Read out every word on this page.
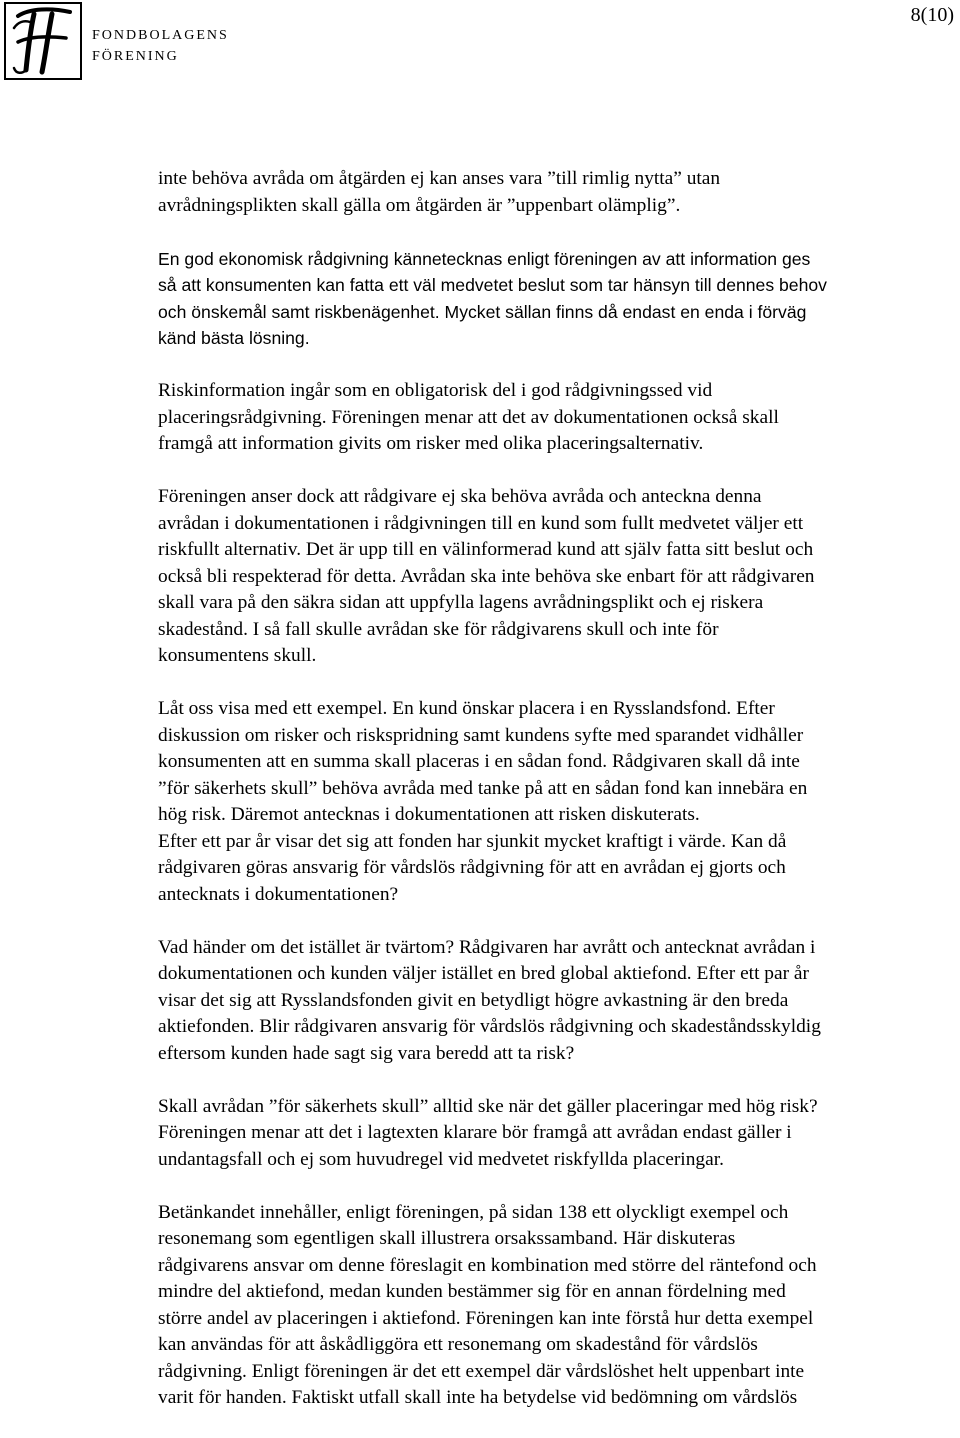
FONDBOLAGENS
FÖRENING
8(10)

inte behöva avråda om åtgärden ej kan anses vara ”till rimlig nytta” utan
avrådningsplikten skall gälla om åtgärden är ”uppenbart olämplig”.

En god ekonomisk rådgivning kännetecknas enligt föreningen av att information ges
så att konsumenten kan fatta ett väl medvetet beslut som tar hänsyn till dennes behov
och önskemål samt riskbenägenhet. Mycket sällan finns då endast en enda i förväg
känd bästa lösning.

Riskinformation ingår som en obligatorisk del i god rådgivningssed vid
placeringsrådgivning. Föreningen menar att det av dokumentationen också skall
framgå att information givits om risker med olika placeringsalternativ.

Föreningen anser dock att rådgivare ej ska behöva avråda och anteckna denna
avrådan i dokumentationen i rådgivningen till en kund som fullt medvetet väljer ett
riskfullt alternativ. Det är upp till en välinformerad kund att själv fatta sitt beslut och
också bli respekterad för detta. Avrådan ska inte behöva ske enbart för att rådgivaren
skall vara på den säkra sidan att uppfylla lagens avrådningsplikt och ej riskera
skadestånd. I så fall skulle avrådan ske för rådgivarens skull och inte för
konsumentens skull.

Låt oss visa med ett exempel. En kund önskar placera i en Rysslandsfond. Efter
diskussion om risker och riskspridning samt kundens syfte med sparandet vidhåller
konsumenten att en summa skall placeras i en sådan fond. Rådgivaren skall då inte
”för säkerhets skull” behöva avråda med tanke på att en sådan fond kan innebära en
hög risk. Däremot antecknas i dokumentationen att risken diskuterats.
Efter ett par år visar det sig att fonden har sjunkit mycket kraftigt i värde. Kan då
rådgivaren göras ansvarig för vårdslös rådgivning för att en avrådan ej gjorts och
antecknats i dokumentationen?

Vad händer om det istället är tvärtom? Rådgivaren har avrått och antecknat avrådan i
dokumentationen och kunden väljer istället en bred global aktiefond. Efter ett par år
visar det sig att Rysslandsfonden givit en betydligt högre avkastning är den breda
aktiefonden. Blir rådgivaren ansvarig för vårdslös rådgivning och skadeståndsskyldig
eftersom kunden hade sagt sig vara beredd att ta risk?

Skall avrådan ”för säkerhets skull” alltid ske när det gäller placeringar med hög risk?
Föreningen menar att det i lagtexten klarare bör framgå att avrådan endast gäller i
undantagsfall och ej som huvudregel vid medvetet riskfyllda placeringar.

Betänkandet innehåller, enligt föreningen, på sidan 138 ett olyckligt exempel och
resonemang som egentligen skall illustrera orsakssamband. Här diskuteras
rådgivarens ansvar om denne föreslagit en kombination med större del räntefond och
mindre del aktiefond, medan kunden bestämmer sig för en annan fördelning med
större andel av placeringen i aktiefond. Föreningen kan inte förstå hur detta exempel
kan användas för att åskådliggöra ett resonemang om skadestånd för vårdslös
rådgivning. Enligt föreningen är det ett exempel där vårdslöshet helt uppenbart inte
varit för handen. Faktiskt utfall skall inte ha betydelse vid bedömning om vårdslös
